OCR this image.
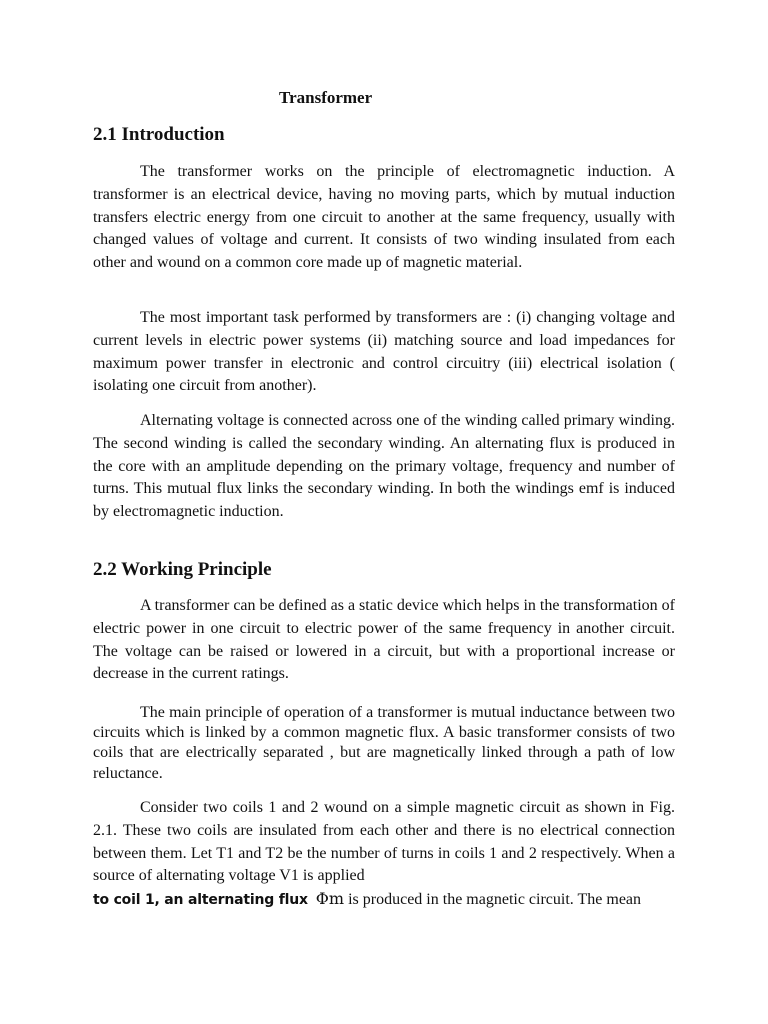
Transformer
2.1 Introduction

The transformer works on the principle of electromagnetic induction. A transformer is an electrical device, having no moving parts, which by mutual induction transfers electric energy from one circuit to another at the same frequency, usually with changed values of voltage and current. It consists of two winding insulated from each other and wound on a common core made up of magnetic material.

The most important task performed by transformers are : (i) changing voltage and current levels in electric power systems (ii) matching source and load impedances for maximum power transfer in electronic and control circuitry (iii) electrical isolation ( isolating one circuit from another).

Alternating voltage is connected across one of the winding called primary winding. The second winding is called the secondary winding. An alternating flux is produced in the core with an amplitude depending on the primary voltage, frequency and number of turns. This mutual flux links the secondary winding. In both the windings emf is induced by electromagnetic induction.

2.2 Working Principle

A transformer can be defined as a static device which helps in the transformation of electric power in one circuit to electric power of the same frequency in another circuit. The voltage can be raised or lowered in a circuit, but with a proportional increase or decrease in the current ratings.

The main principle of operation of a transformer is mutual inductance between two circuits which is linked by a common magnetic flux. A basic transformer consists of two coils that are electrically separated , but are magnetically linked through a path of low reluctance.

Consider two coils 1 and 2 wound on a simple magnetic circuit as shown in Fig. 2.1. These two coils are insulated from each other and there is no electrical connection between them. Let T1 and T2 be the number of turns in coils 1 and 2 respectively. When a source of alternating voltage V1 is applied

to coil 1, an alternating flux Φm is produced in the magnetic circuit. The mean
